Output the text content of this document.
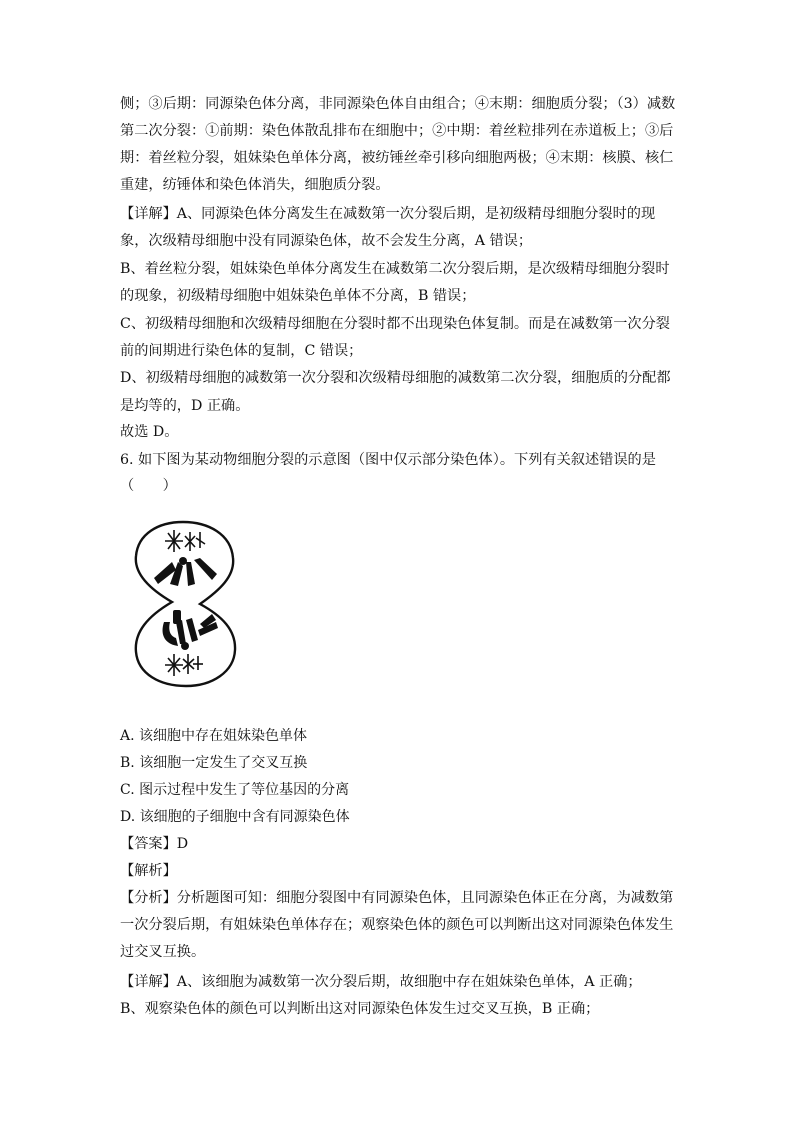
侧；③后期：同源染色体分离，非同源染色体自由组合；④末期：细胞质分裂；（3）减数
第二次分裂：①前期：染色体散乱排布在细胞中；②中期：着丝粒排列在赤道板上；③后
期：着丝粒分裂，姐妹染色单体分离，被纺锤丝牵引移向细胞两极；④末期：核膜、核仁
重建，纺锤体和染色体消失，细胞质分裂。
【详解】A、同源染色体分离发生在减数第一次分裂后期，是初级精母细胞分裂时的现
象，次级精母细胞中没有同源染色体，故不会发生分离，A 错误；
B、着丝粒分裂，姐妹染色单体分离发生在减数第二次分裂后期，是次级精母细胞分裂时
的现象，初级精母细胞中姐妹染色单体不分离，B 错误；
C、初级精母细胞和次级精母细胞在分裂时都不出现染色体复制。而是在减数第一次分裂
前的间期进行染色体的复制，C 错误；
D、初级精母细胞的减数第一次分裂和次级精母细胞的减数第二次分裂，细胞质的分配都
是均等的，D 正确。
故选 D。
6. 如下图为某动物细胞分裂的示意图（图中仅示部分染色体）。下列有关叙述错误的是
（　　）
A. 该细胞中存在姐妹染色单体
B. 该细胞一定发生了交叉互换
C. 图示过程中发生了等位基因的分离
D. 该细胞的子细胞中含有同源染色体
【答案】D
【解析】
【分析】分析题图可知：细胞分裂图中有同源染色体，且同源染色体正在分离，为减数第
一次分裂后期，有姐妹染色单体存在；观察染色体的颜色可以判断出这对同源染色体发生
过交叉互换。
【详解】A、该细胞为减数第一次分裂后期，故细胞中存在姐妹染色单体，A 正确；
B、观察染色体的颜色可以判断出这对同源染色体发生过交叉互换，B 正确；
